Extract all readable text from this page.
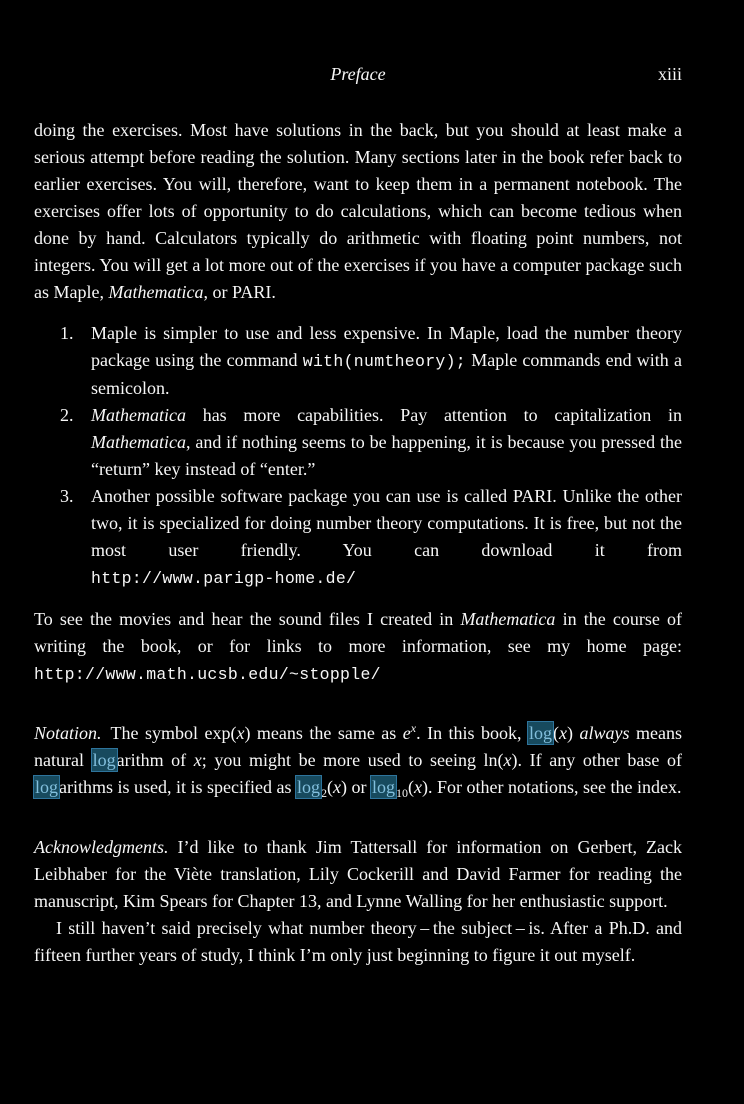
Preface	xiii

doing the exercises. Most have solutions in the back, but you should at least make a serious attempt before reading the solution. Many sections later in the book refer back to earlier exercises. You will, therefore, want to keep them in a permanent notebook. The exercises offer lots of opportunity to do calculations, which can become tedious when done by hand. Calculators typically do arithmetic with floating point numbers, not integers. You will get a lot more out of the exercises if you have a computer package such as Maple, Mathematica, or PARI.

1. Maple is simpler to use and less expensive. In Maple, load the number theory package using the command with(numtheory); Maple commands end with a semicolon.
2. Mathematica has more capabilities. Pay attention to capitalization in Mathematica, and if nothing seems to be happening, it is because you pressed the “return” key instead of “enter.”
3. Another possible software package you can use is called PARI. Unlike the other two, it is specialized for doing number theory computations. It is free, but not the most user friendly. You can download it from http://www.parigp-home.de/

To see the movies and hear the sound files I created in Mathematica in the course of writing the book, or for links to more information, see my home page: http://www.math.ucsb.edu/~stopple/

Notation. The symbol exp(x) means the same as $e^x$. In this book, log(x) always means natural logarithm of x; you might be more used to seeing ln(x). If any other base of logarithms is used, it is specified as $\log_2(x)$ or $\log_{10}(x)$. For other notations, see the index.

Acknowledgments. I’d like to thank Jim Tattersall for information on Gerbert, Zack Leibhaber for the Viète translation, Lily Cockerill and David Farmer for reading the manuscript, Kim Spears for Chapter 13, and Lynne Walling for her enthusiastic support.

I still haven’t said precisely what number theory – the subject – is. After a Ph.D. and fifteen further years of study, I think I’m only just beginning to figure it out myself.
